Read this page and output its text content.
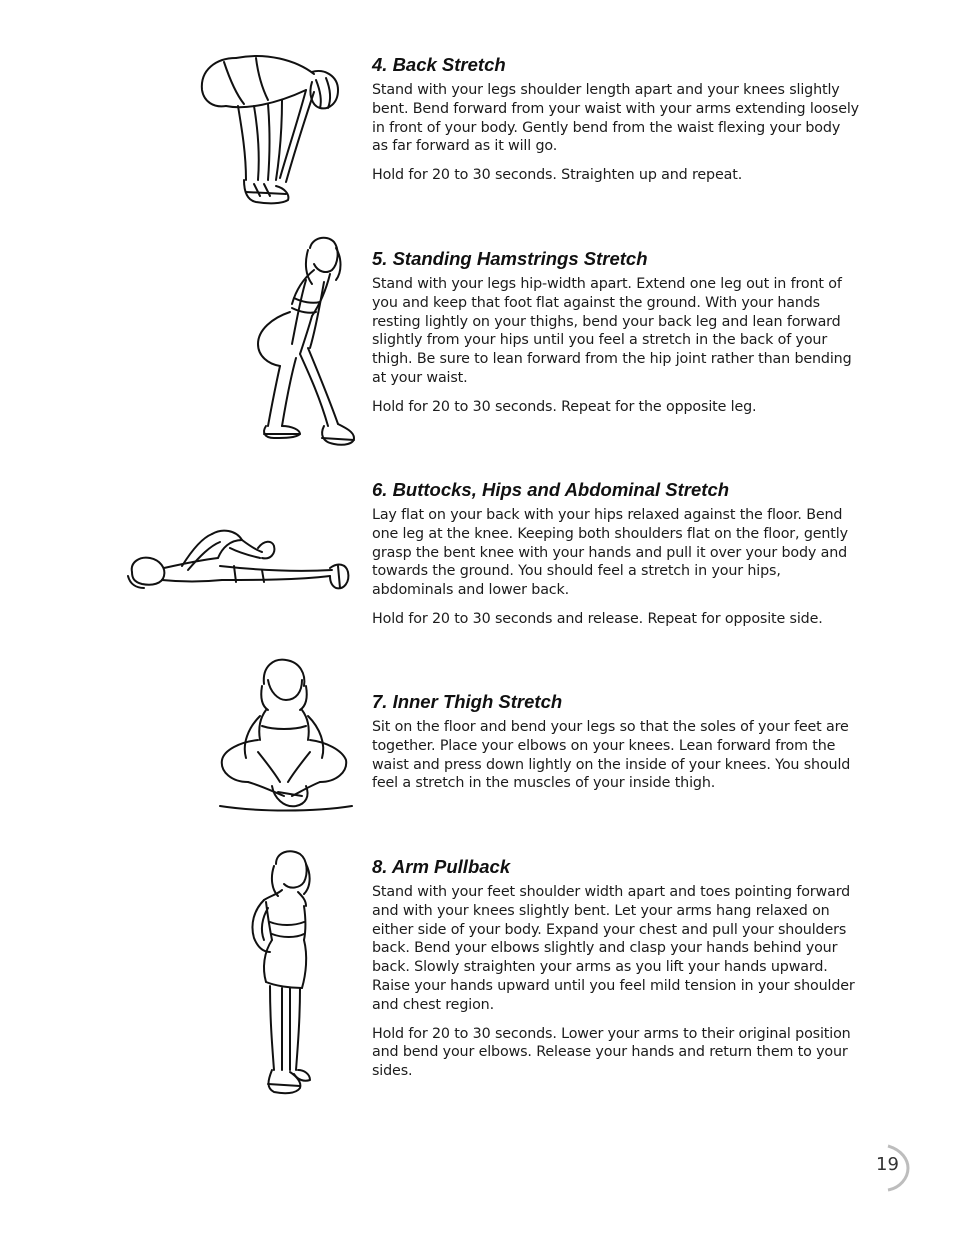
4. Back Stretch

Stand with your legs shoulder length apart and your knees slightly bent. Bend forward from your waist with your arms extending loosely in front of your body. Gently bend from the waist flexing your body as far forward as it will go.

Hold for 20 to 30 seconds. Straighten up and repeat.

5. Standing Hamstrings Stretch

Stand with your legs hip-width apart. Extend one leg out in front of you and keep that foot flat against the ground. With your hands resting lightly on your thighs, bend your back leg and lean forward slightly from your hips until you feel a stretch in the back of your thigh. Be sure to lean forward from the hip joint rather than bending at your waist.

Hold for 20 to 30 seconds. Repeat for the opposite leg.

6. Buttocks, Hips and Abdominal Stretch

Lay flat on your back with your hips relaxed against the floor. Bend one leg at the knee. Keeping both shoulders flat on the floor, gently grasp the bent knee with your hands and pull it over your body and towards the ground. You should feel a stretch in your hips, abdominals and lower back.

Hold for 20 to 30 seconds and release. Repeat for opposite side.

7. Inner Thigh Stretch

Sit on the floor and bend your legs so that the soles of your feet are together. Place your elbows on your knees. Lean forward from the waist and press down lightly on the inside of your knees. You should feel a stretch in the muscles of your inside thigh.

8. Arm Pullback

Stand with your feet shoulder width apart and toes pointing forward and with your knees slightly bent. Let your arms hang relaxed on either side of your body. Expand your chest and pull your shoulders back. Bend your elbows slightly and clasp your hands behind your back. Slowly straighten your arms as you lift your hands upward. Raise your hands upward until you feel mild tension in your shoulder and chest region.

Hold for 20 to 30 seconds. Lower your arms to their original position and bend your elbows. Release your hands and return them to your sides.

19
